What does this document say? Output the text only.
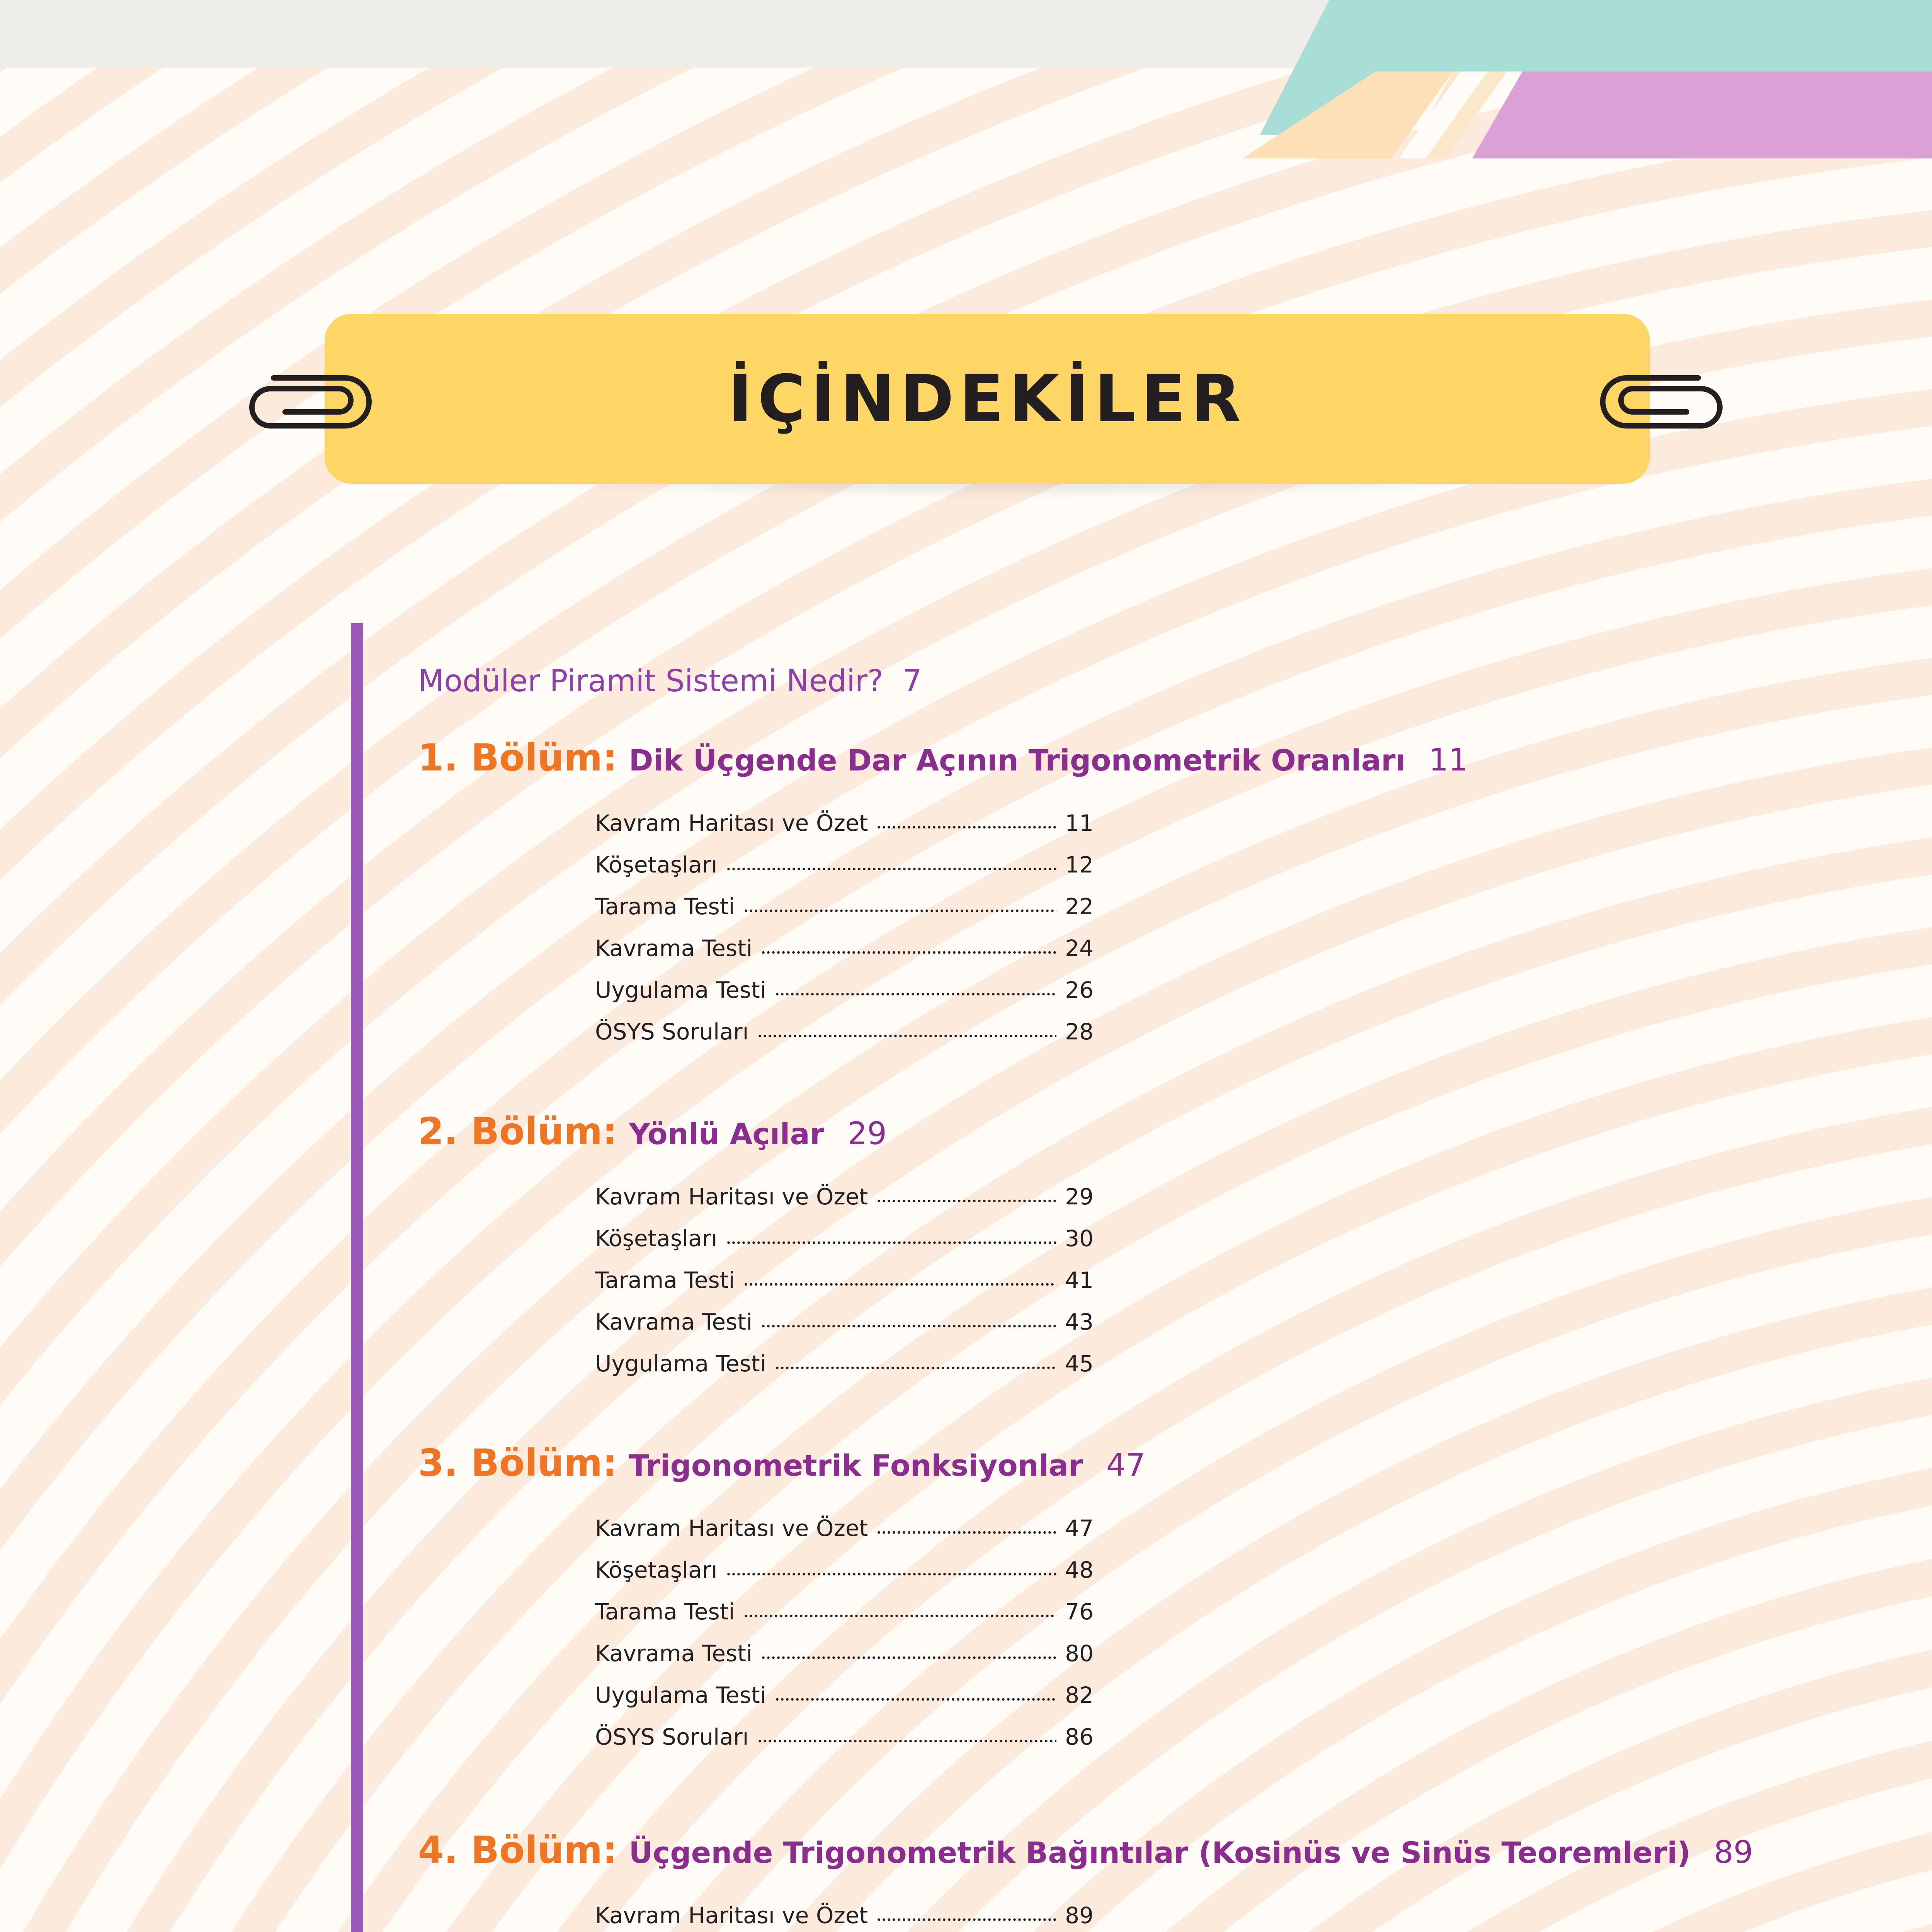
İÇİNDEKİLER
Modüler Piramit Sistemi Nedir? 7
1. Bölüm: Dik Üçgende Dar Açının Trigonometrik Oranları 11
Kavram Haritası ve Özet	11
Köşetaşları	12
Tarama Testi	22
Kavrama Testi	24
Uygulama Testi	26
ÖSYS Soruları	28
2. Bölüm: Yönlü Açılar 29
Kavram Haritası ve Özet	29
Köşetaşları	30
Tarama Testi	41
Kavrama Testi	43
Uygulama Testi	45
3. Bölüm: Trigonometrik Fonksiyonlar 47
Kavram Haritası ve Özet	47
Köşetaşları	48
Tarama Testi	76
Kavrama Testi	80
Uygulama Testi	82
ÖSYS Soruları	86
4. Bölüm: Üçgende Trigonometrik Bağıntılar (Kosinüs ve Sinüs Teoremleri) 89
Kavram Haritası ve Özet	89
